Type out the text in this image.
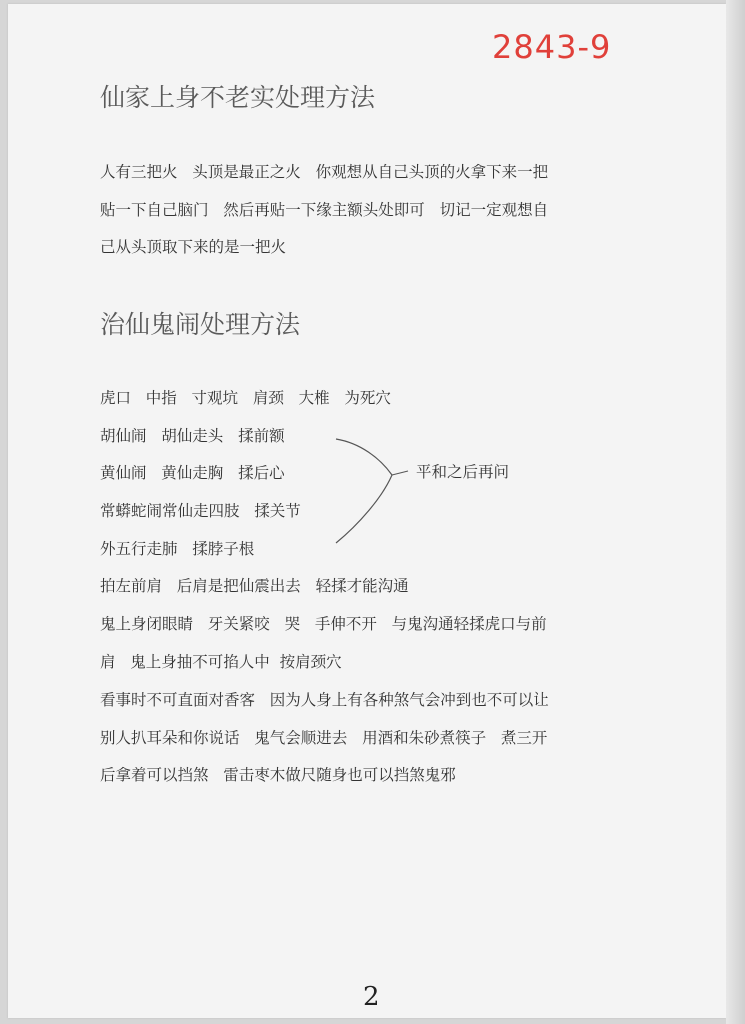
2843-9
仙家上身不老实处理方法
人有三把火   头顶是最正之火   你观想从自己头顶的火拿下来一把
贴一下自己脑门   然后再贴一下缘主额头处即可   切记一定观想自
己从头顶取下来的是一把火
治仙鬼闹处理方法
虎口   中指   寸观坑   肩颈   大椎   为死穴
胡仙闹   胡仙走头   揉前额
黄仙闹   黄仙走胸   揉后心
常蟒蛇闹常仙走四肢   揉关节
外五行走肺   揉脖子根
拍左前肩   后肩是把仙震出去   轻揉才能沟通
鬼上身闭眼睛   牙关紧咬   哭   手伸不开   与鬼沟通轻揉虎口与前
肩   鬼上身抽不可掐人中  按肩颈穴
看事时不可直面对香客   因为人身上有各种煞气会冲到也不可以让
别人扒耳朵和你说话   鬼气会顺进去   用酒和朱砂煮筷子   煮三开
后拿着可以挡煞   雷击枣木做尺随身也可以挡煞鬼邪
平和之后再问
2
